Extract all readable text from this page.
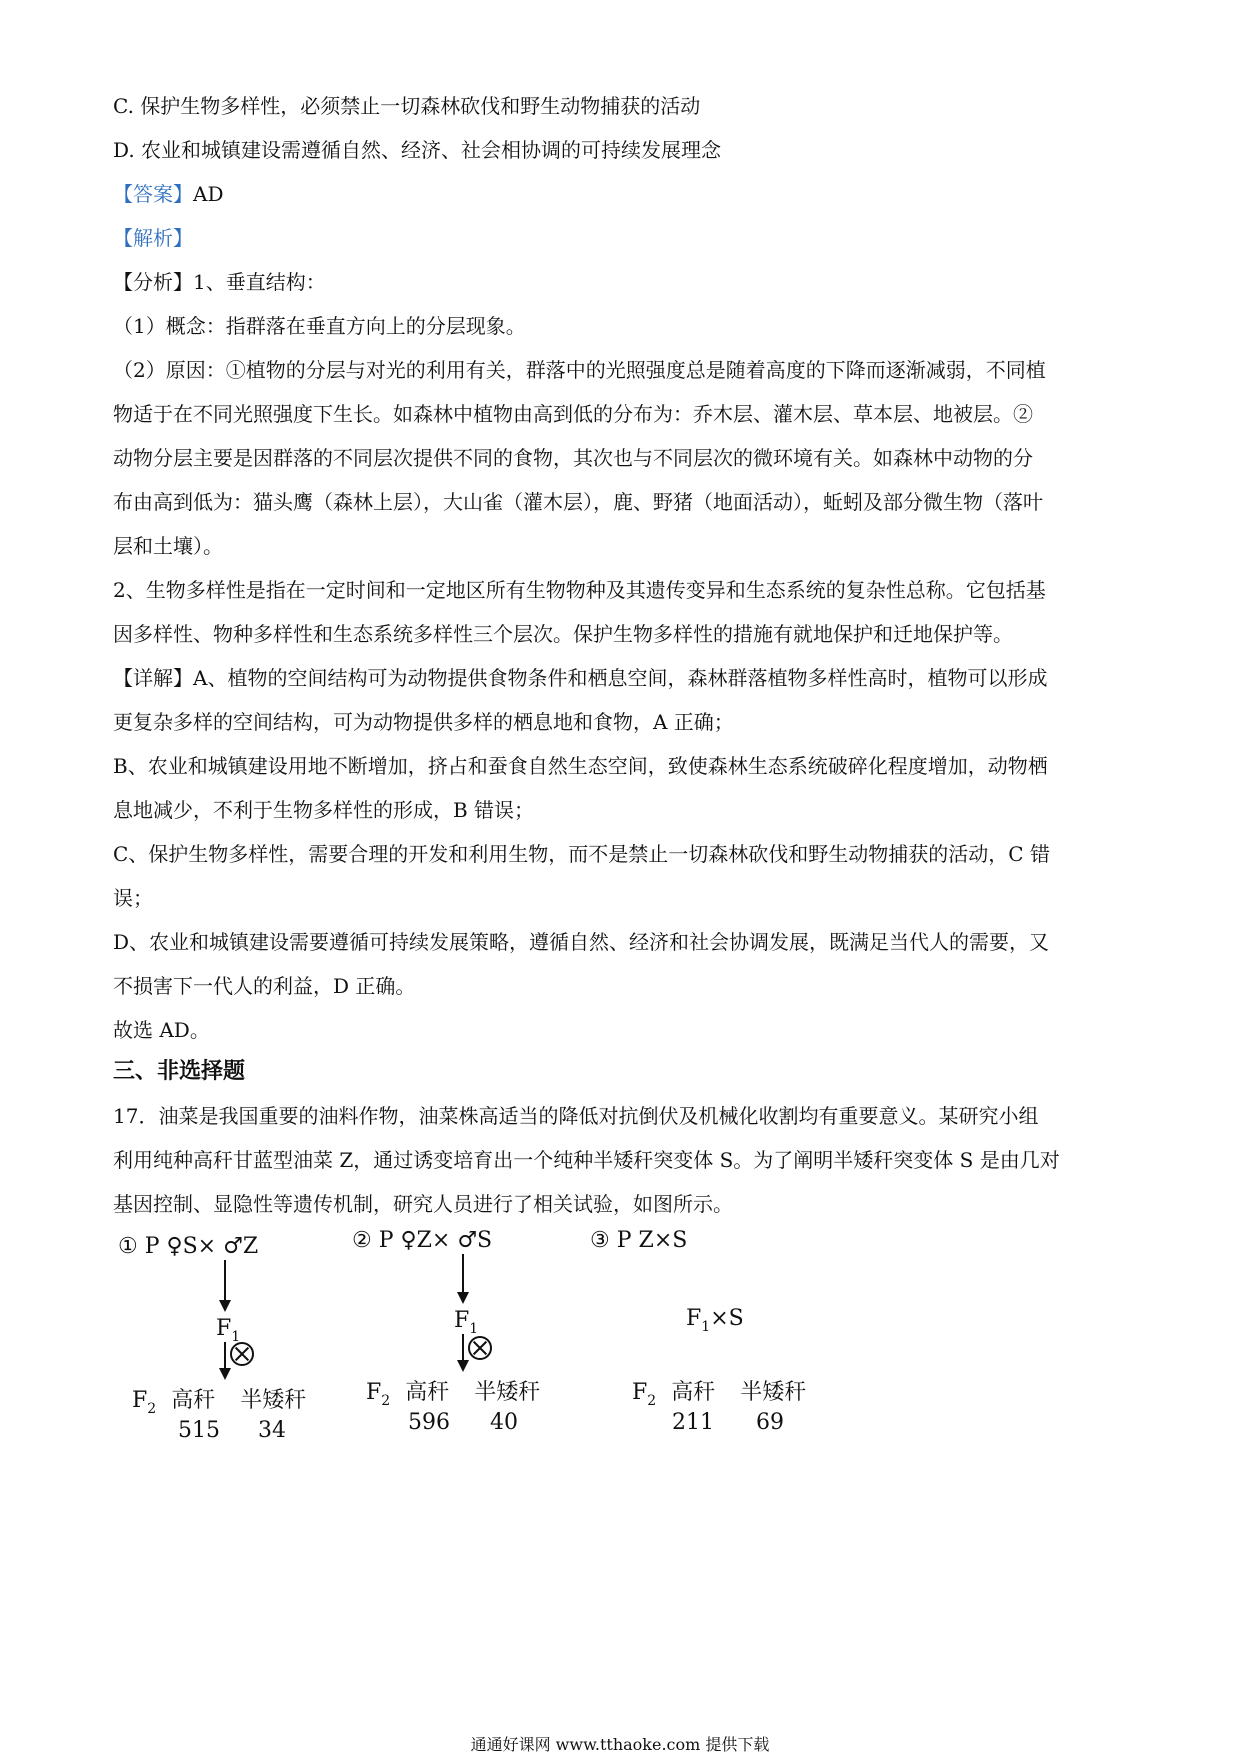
C. 保护生物多样性，必须禁止一切森林砍伐和野生动物捕获的活动
D. 农业和城镇建设需遵循自然、经济、社会相协调的可持续发展理念
【答案】AD
【解析】
【分析】1、垂直结构：
（1）概念：指群落在垂直方向上的分层现象。
（2）原因：①植物的分层与对光的利用有关，群落中的光照强度总是随着高度的下降而逐渐减弱，不同植
物适于在不同光照强度下生长。如森林中植物由高到低的分布为：乔木层、灌木层、草本层、地被层。②
动物分层主要是因群落的不同层次提供不同的食物，其次也与不同层次的微环境有关。如森林中动物的分
布由高到低为：猫头鹰（森林上层），大山雀（灌木层），鹿、野猪（地面活动），蚯蚓及部分微生物（落叶
层和土壤）。
2、生物多样性是指在一定时间和一定地区所有生物物种及其遗传变异和生态系统的复杂性总称。它包括基
因多样性、物种多样性和生态系统多样性三个层次。保护生物多样性的措施有就地保护和迁地保护等。
【详解】A、植物的空间结构可为动物提供食物条件和栖息空间，森林群落植物多样性高时，植物可以形成
更复杂多样的空间结构，可为动物提供多样的栖息地和食物，A 正确；
B、农业和城镇建设用地不断增加，挤占和蚕食自然生态空间，致使森林生态系统破碎化程度增加，动物栖
息地减少，不利于生物多样性的形成，B 错误；
C、保护生物多样性，需要合理的开发和利用生物，而不是禁止一切森林砍伐和野生动物捕获的活动，C 错
误；
D、农业和城镇建设需要遵循可持续发展策略，遵循自然、经济和社会协调发展，既满足当代人的需要，又
不损害下一代人的利益，D 正确。
故选 AD。
三、非选择题
17．油菜是我国重要的油料作物，油菜株高适当的降低对抗倒伏及机械化收割均有重要意义。某研究小组
利用纯种高秆甘蓝型油菜 Z，通过诱变培育出一个纯种半矮秆突变体 S。为了阐明半矮秆突变体 S 是由几对
基因控制、显隐性等遗传机制，研究人员进行了相关试验，如图所示。
① P ♀S× ♂Z
$F_1$
$F_2$ 高秆 半矮秆
515 34
② P ♀Z× ♂S
$F_1$
$F_2$ 高秆 半矮秆
596 40
③ P Z×S
$F_1\times S$
$F_2$ 高秆 半矮秆
211 69
通通好课网 www.tthaoke.com 提供下载
